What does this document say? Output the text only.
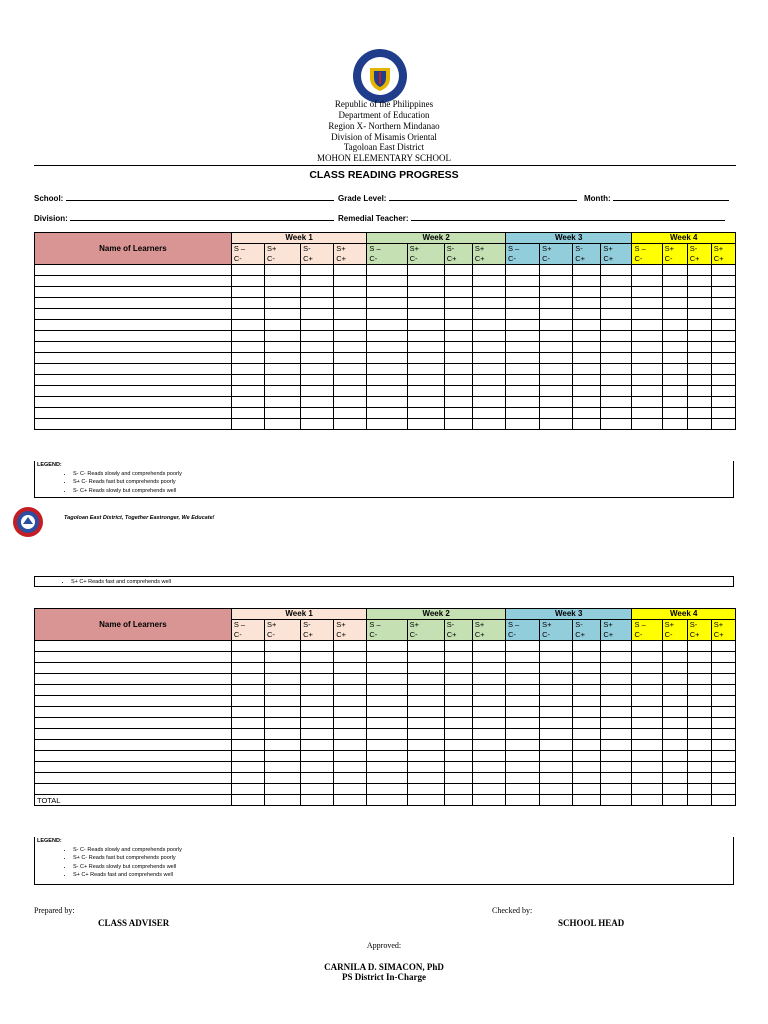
Republic of the Philippines
Department of Education
Region X- Northern Mindanao
Division of Misamis Oriental
Tagoloan East District
MOHON ELEMENTARY SCHOOL
CLASS READING PROGRESS
School:	Grade Level:	Month:
Division:	Remedial Teacher:
Name of Learners	Week 1				Week 2				Week 3				Week 4			
	S –	S+	S-	S+	S –	S+	S-	S+	S –	S+	S-	S+	S –	S+	S-	S+
	C-	C-	C+	C+	C-	C-	C+	C+	C-	C-	C+	C+	C-	C-	C+	C+

LEGEND:
• S- C- Reads slowly and comprehends poorly
• S+ C- Reads fast but comprehends poorly
• S- C+ Reads slowly but comprehends well
Tagoloan East District, Together Eastronger, We Educate!
• S+ C+ Reads fast and comprehends well
Name of Learners	Week 1				Week 2				Week 3				Week 4			
	S –	S+	S-	S+	S –	S+	S-	S+	S –	S+	S-	S+	S –	S+	S-	S+
	C-	C-	C+	C+	C-	C-	C+	C+	C-	C-	C+	C+	C-	C-	C+	C+

TOTAL																
LEGEND:
• S- C- Reads slowly and comprehends poorly
• S+ C- Reads fast but comprehends poorly
• S- C+ Reads slowly but comprehends well
• S+ C+ Reads fast and comprehends well
Prepared by:
CLASS ADVISER
Checked by:
SCHOOL HEAD
Approved:
CARNILA D. SIMACON, PhD
PS District In-Charge
